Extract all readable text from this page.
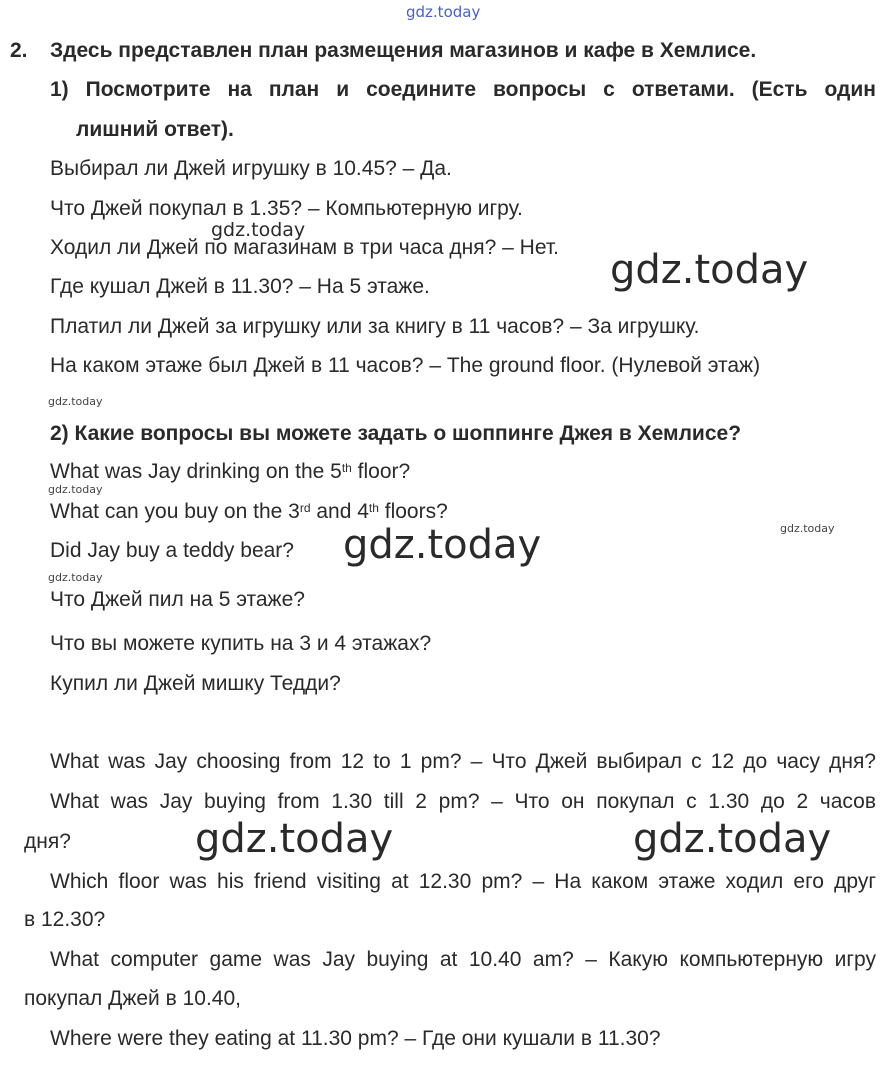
gdz.today
2. Здесь представлен план размещения магазинов и кафе в Хемлисе.
1) Посмотрите на план и соедините вопросы с ответами. (Есть один
лишний ответ).
Выбирал ли Джей игрушку в 10.45? – Да.
Что Джей покупал в 1.35? – Компьютерную игру.
Ходил ли Джей по магазинам в три часа дня? – Нет.
Где кушал Джей в 11.30? – На 5 этаже.
Платил ли Джей за игрушку или за книгу в 11 часов? – За игрушку.
На каком этаже был Джей в 11 часов? – The ground floor. (Нулевой этаж)
2) Какие вопросы вы можете задать о шоппинге Джея в Хемлисе?
What was Jay drinking on the 5th floor?
What can you buy on the 3rd and 4th floors?
Did Jay buy a teddy bear?
Что Джей пил на 5 этаже?
Что вы можете купить на 3 и 4 этажах?
Купил ли Джей мишку Тедди?
What was Jay choosing from 12 to 1 pm? – Что Джей выбирал с 12 до часу дня?
What was Jay buying from 1.30 till 2 pm? – Что он покупал с 1.30 до 2 часов
дня?
Which floor was his friend visiting at 12.30 pm? – На каком этаже ходил его друг
в 12.30?
What computer game was Jay buying at 10.40 am? – Какую компьютерную игру
покупал Джей в 10.40,
Where were they eating at 11.30 pm? – Где они кушали в 11.30?
gdz.today
gdz.today
gdz.today
gdz.today	gdz.today
gdz.today
gdz.today
gdz.today
gdz.today
